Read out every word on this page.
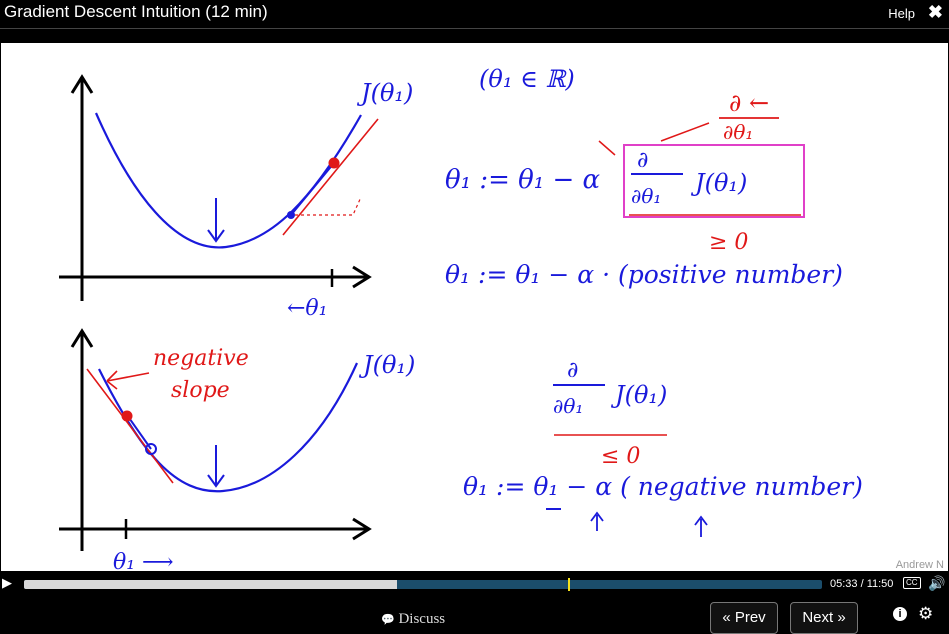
Gradient Descent Intuition (12 min)	Help ✖
←θ₁
J(θ₁)	(θ₁ ∈ ℝ)
∂ ←
∂θ₁
θ₁ := θ₁ − α
∂
∂θ₁ J(θ₁)
≥ 0
θ₁ := θ₁ − α · (positive number)
negative
slope
θ₁ ⟶
J(θ₁)	∂
∂θ₁ J(θ₁)
≤ 0
θ₁ := θ₁ − α ( negative number)
Andrew N
▶	05:33 / 11:50	CC 🔊
💬 Discuss	« Prev	Next »	i ⚙
